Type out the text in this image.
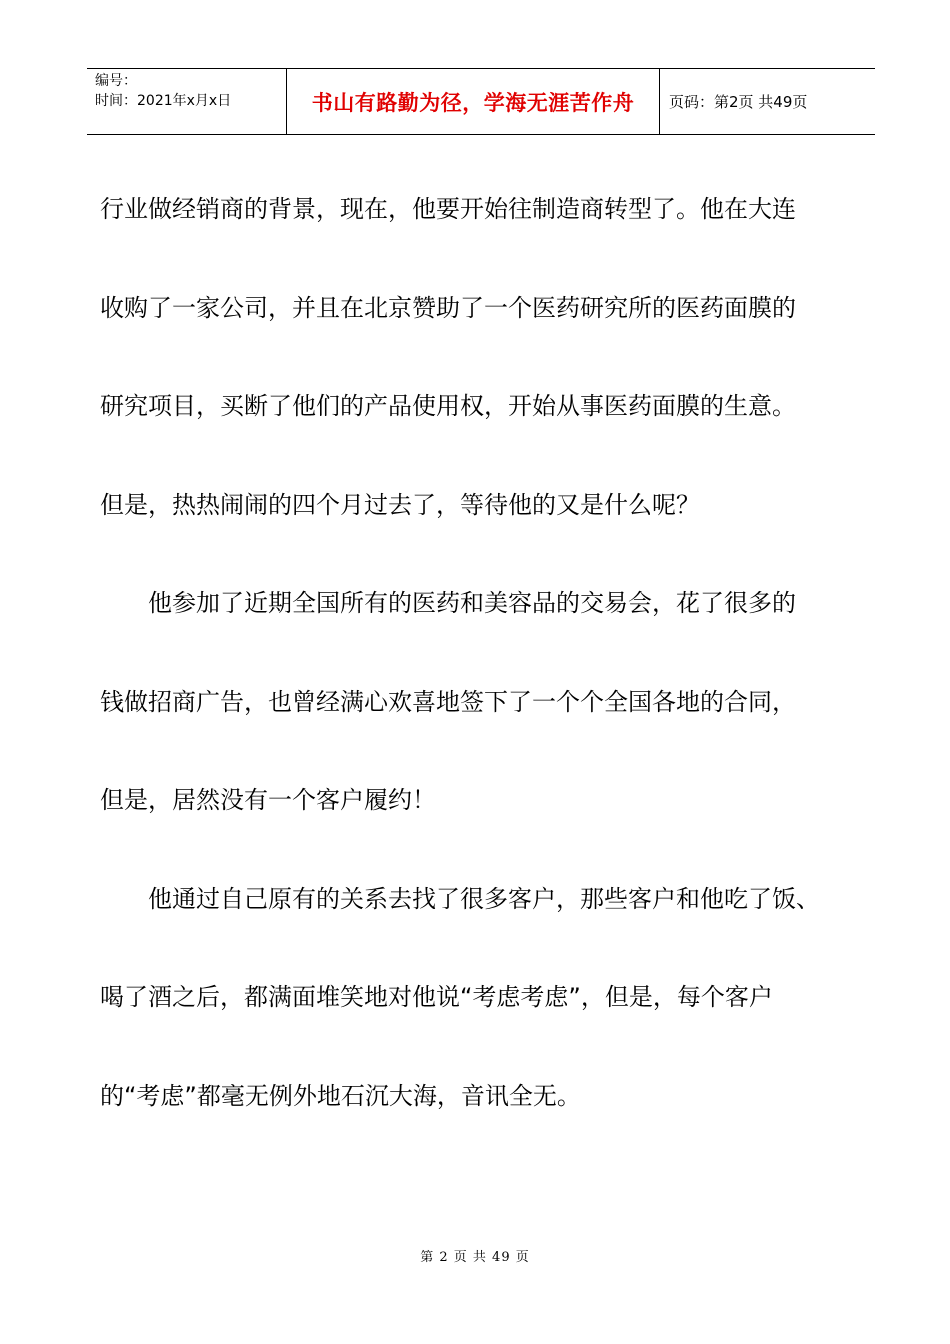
编号：
时间：2021年x月x日	书山有路勤为径，学海无涯苦作舟	页码：第2页 共49页
行业做经销商的背景，现在，他要开始往制造商转型了。他在大连
收购了一家公司，并且在北京赞助了一个医药研究所的医药面膜的
研究项目，买断了他们的产品使用权，开始从事医药面膜的生意。
但是，热热闹闹的四个月过去了，等待他的又是什么呢？
他参加了近期全国所有的医药和美容品的交易会，花了很多的
钱做招商广告，也曾经满心欢喜地签下了一个个全国各地的合同，
但是，居然没有一个客户履约！
他通过自己原有的关系去找了很多客户，那些客户和他吃了饭、
喝了酒之后，都满面堆笑地对他说“考虑考虑”，但是，每个客户
的“考虑”都毫无例外地石沉大海，音讯全无。
第 2 页 共 49 页
